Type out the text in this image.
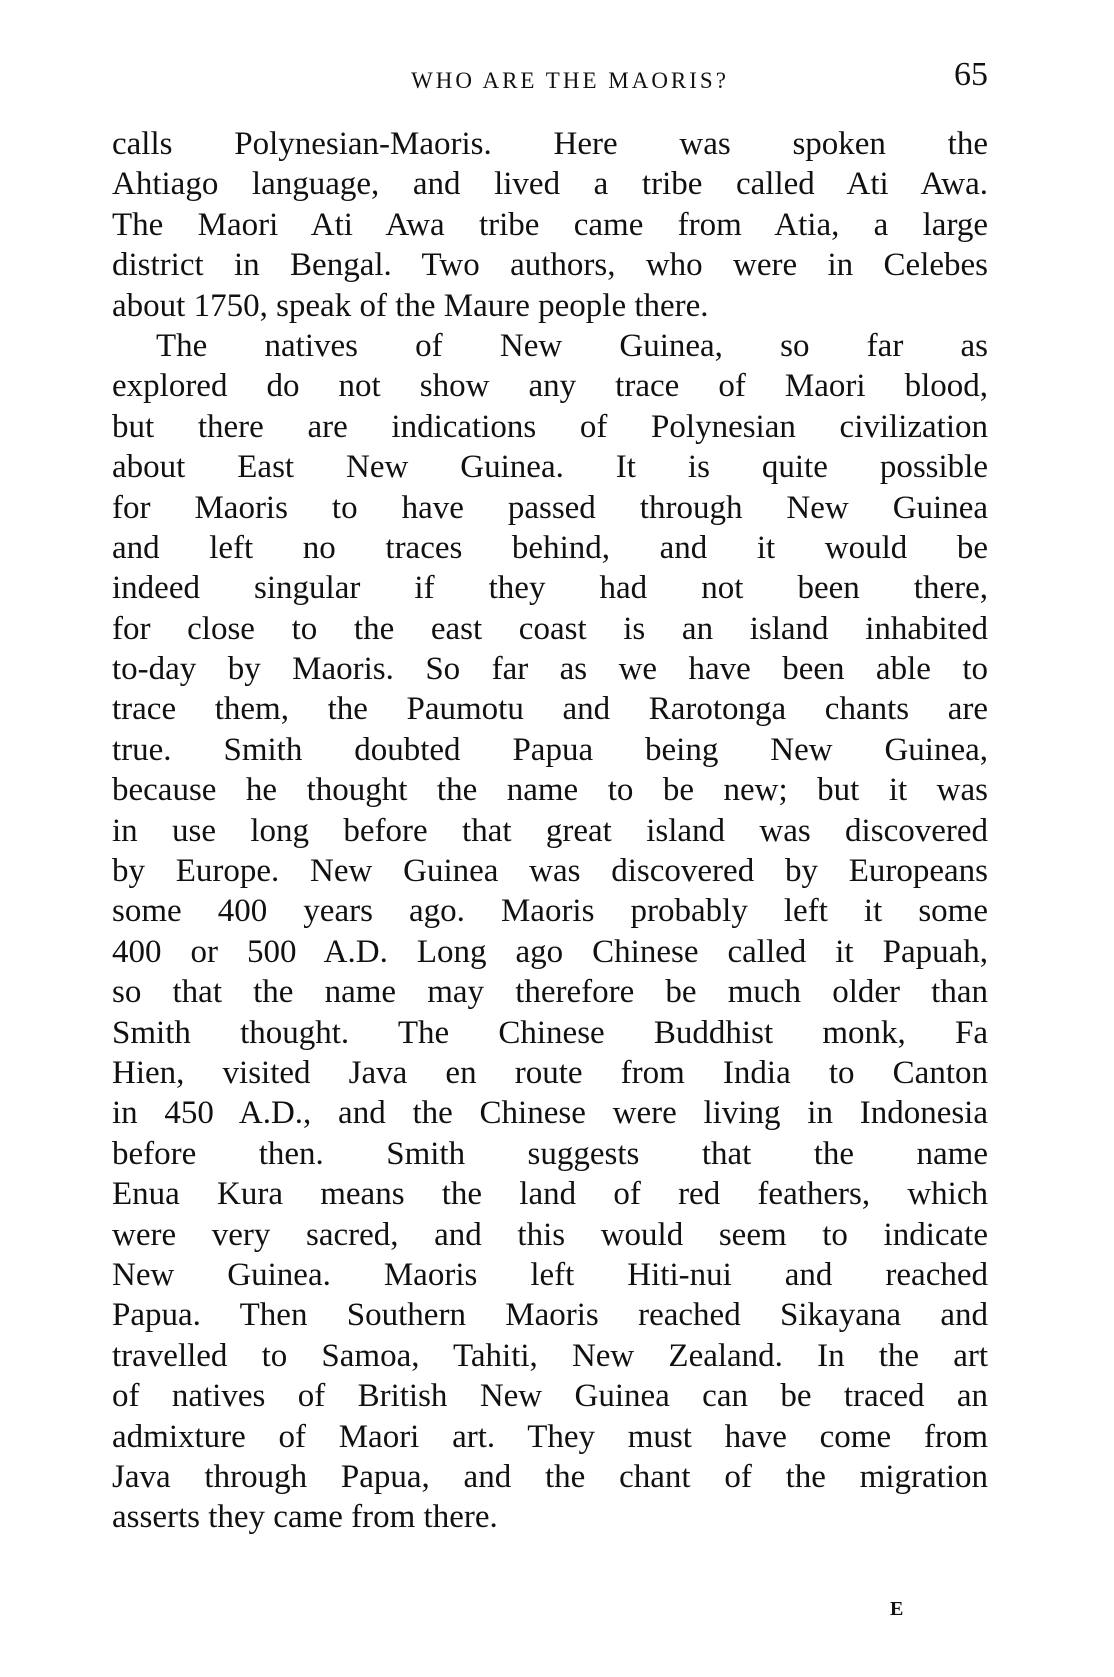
WHO ARE THE MAORIS?	65
calls Polynesian-Maoris. Here was spoken the
Ahtiago language, and lived a tribe called Ati Awa.
The Maori Ati Awa tribe came from Atia, a large
district in Bengal. Two authors, who were in Celebes
about 1750, speak of the Maure people there.
The natives of New Guinea, so far as
explored do not show any trace of Maori blood,
but there are indications of Polynesian civilization
about East New Guinea. It is quite possible
for Maoris to have passed through New Guinea
and left no traces behind, and it would be
indeed singular if they had not been there,
for close to the east coast is an island inhabited
to-day by Maoris. So far as we have been able to
trace them, the Paumotu and Rarotonga chants are
true. Smith doubted Papua being New Guinea,
because he thought the name to be new; but it was
in use long before that great island was discovered
by Europe. New Guinea was discovered by Europeans
some 400 years ago. Maoris probably left it some
400 or 500 A.D. Long ago Chinese called it Papuah,
so that the name may therefore be much older than
Smith thought. The Chinese Buddhist monk, Fa
Hien, visited Java en route from India to Canton
in 450 A.D., and the Chinese were living in Indonesia
before then. Smith suggests that the name
Enua Kura means the land of red feathers, which
were very sacred, and this would seem to indicate
New Guinea. Maoris left Hiti-nui and reached
Papua. Then Southern Maoris reached Sikayana and
travelled to Samoa, Tahiti, New Zealand. In the art
of natives of British New Guinea can be traced an
admixture of Maori art. They must have come from
Java through Papua, and the chant of the migration
asserts they came from there.
E
